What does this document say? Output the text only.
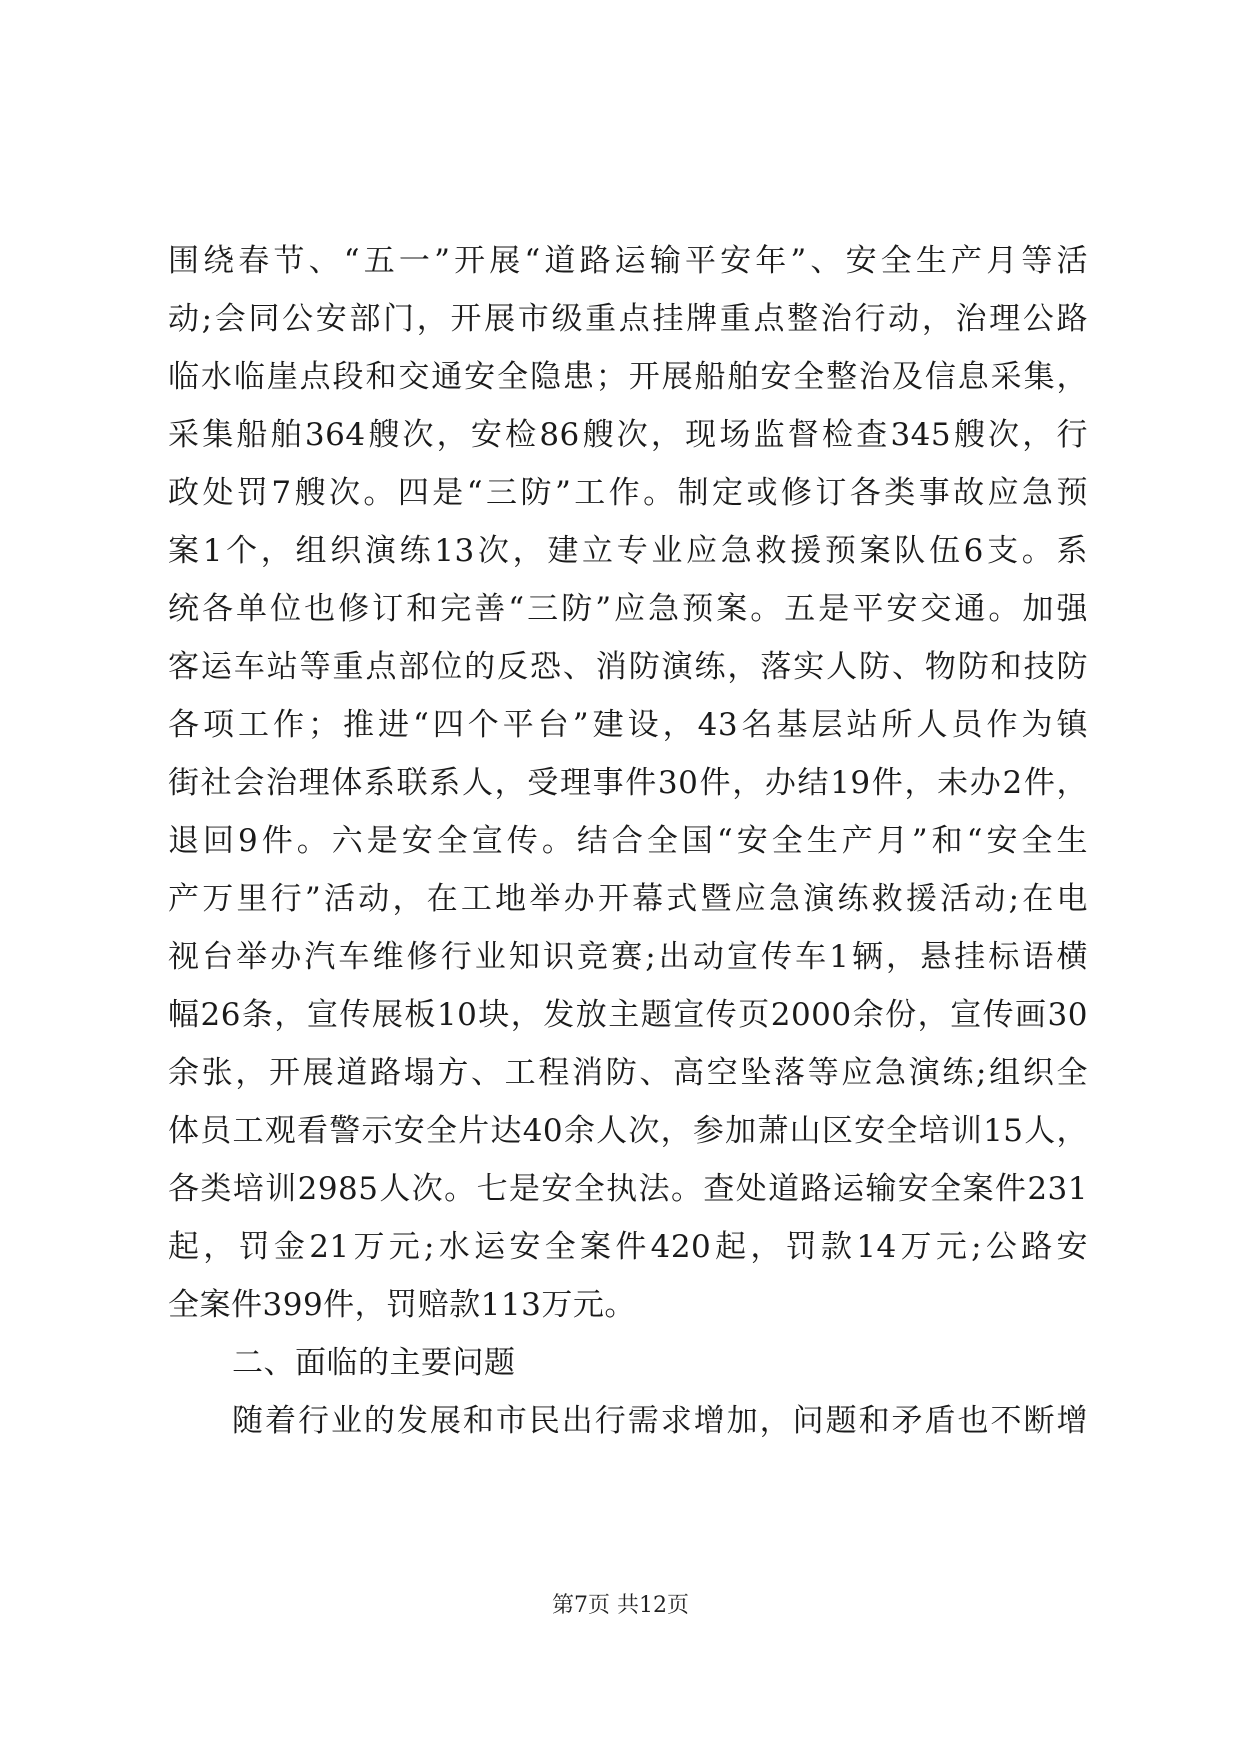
围绕春节、“五一”开展“道路运输平安年”、安全生产月等活
动;会同公安部门，开展市级重点挂牌重点整治行动，治理公路
临水临崖点段和交通安全隐患；开展船舶安全整治及信息采集，
采集船舶364艘次，安检86艘次，现场监督检查345艘次，行
政处罚7艘次。四是“三防”工作。制定或修订各类事故应急预
案1个，组织演练13次，建立专业应急救援预案队伍6支。系
统各单位也修订和完善“三防”应急预案。五是平安交通。加强
客运车站等重点部位的反恐、消防演练，落实人防、物防和技防
各项工作；推进“四个平台”建设，43名基层站所人员作为镇
街社会治理体系联系人，受理事件30件，办结19件，未办2件，
退回9件。六是安全宣传。结合全国“安全生产月”和“安全生
产万里行”活动，在工地举办开幕式暨应急演练救援活动;在电
视台举办汽车维修行业知识竞赛;出动宣传车1辆，悬挂标语横
幅26条，宣传展板10块，发放主题宣传页2000余份，宣传画30
余张，开展道路塌方、工程消防、高空坠落等应急演练;组织全
体员工观看警示安全片达40余人次，参加萧山区安全培训15人，
各类培训2985人次。七是安全执法。查处道路运输安全案件231
起，罚金21万元;水运安全案件420起，罚款14万元;公路安
全案件399件，罚赔款113万元。
二、面临的主要问题
随着行业的发展和市民出行需求增加，问题和矛盾也不断增
第7页 共12页
